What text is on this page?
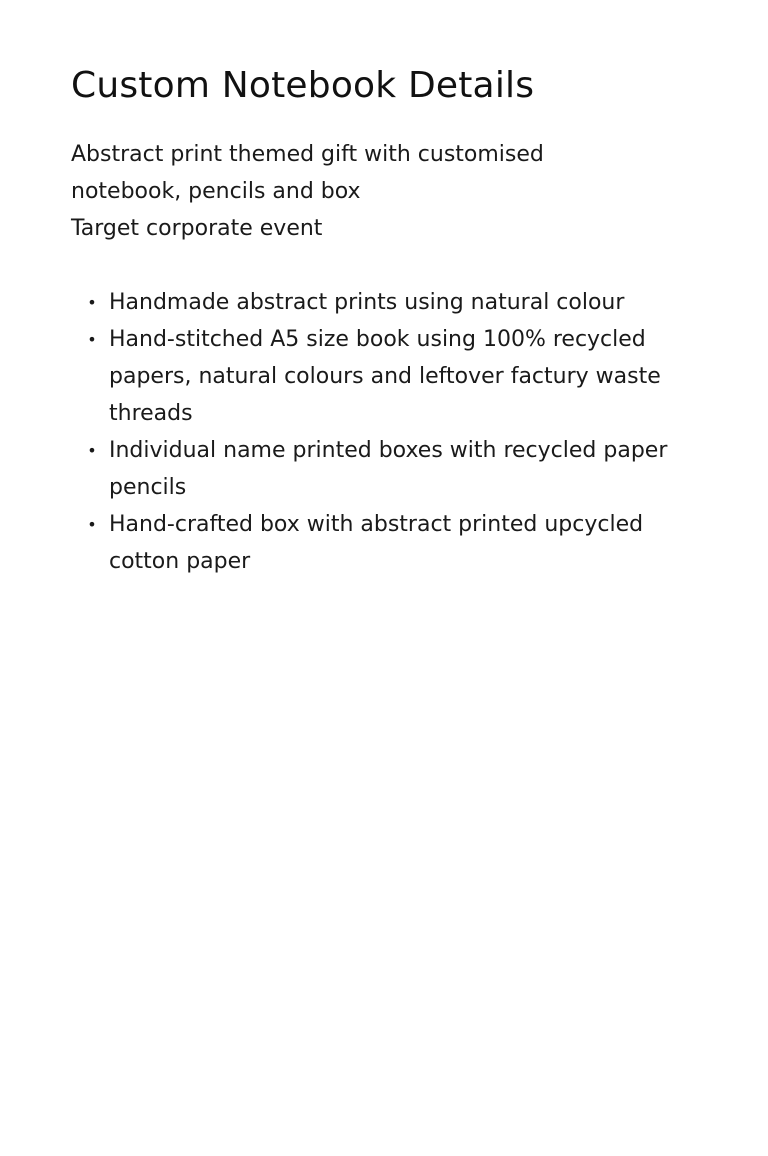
Custom Notebook Details
Abstract print themed gift with customised
notebook, pencils and box
Target corporate event
• Handmade abstract prints using natural colour
• Hand-stitched A5 size book using 100% recycled papers, natural colours and leftover factury waste threads
• Individual name printed boxes with recycled paper pencils
• Hand-crafted box with abstract printed upcycled cotton paper
